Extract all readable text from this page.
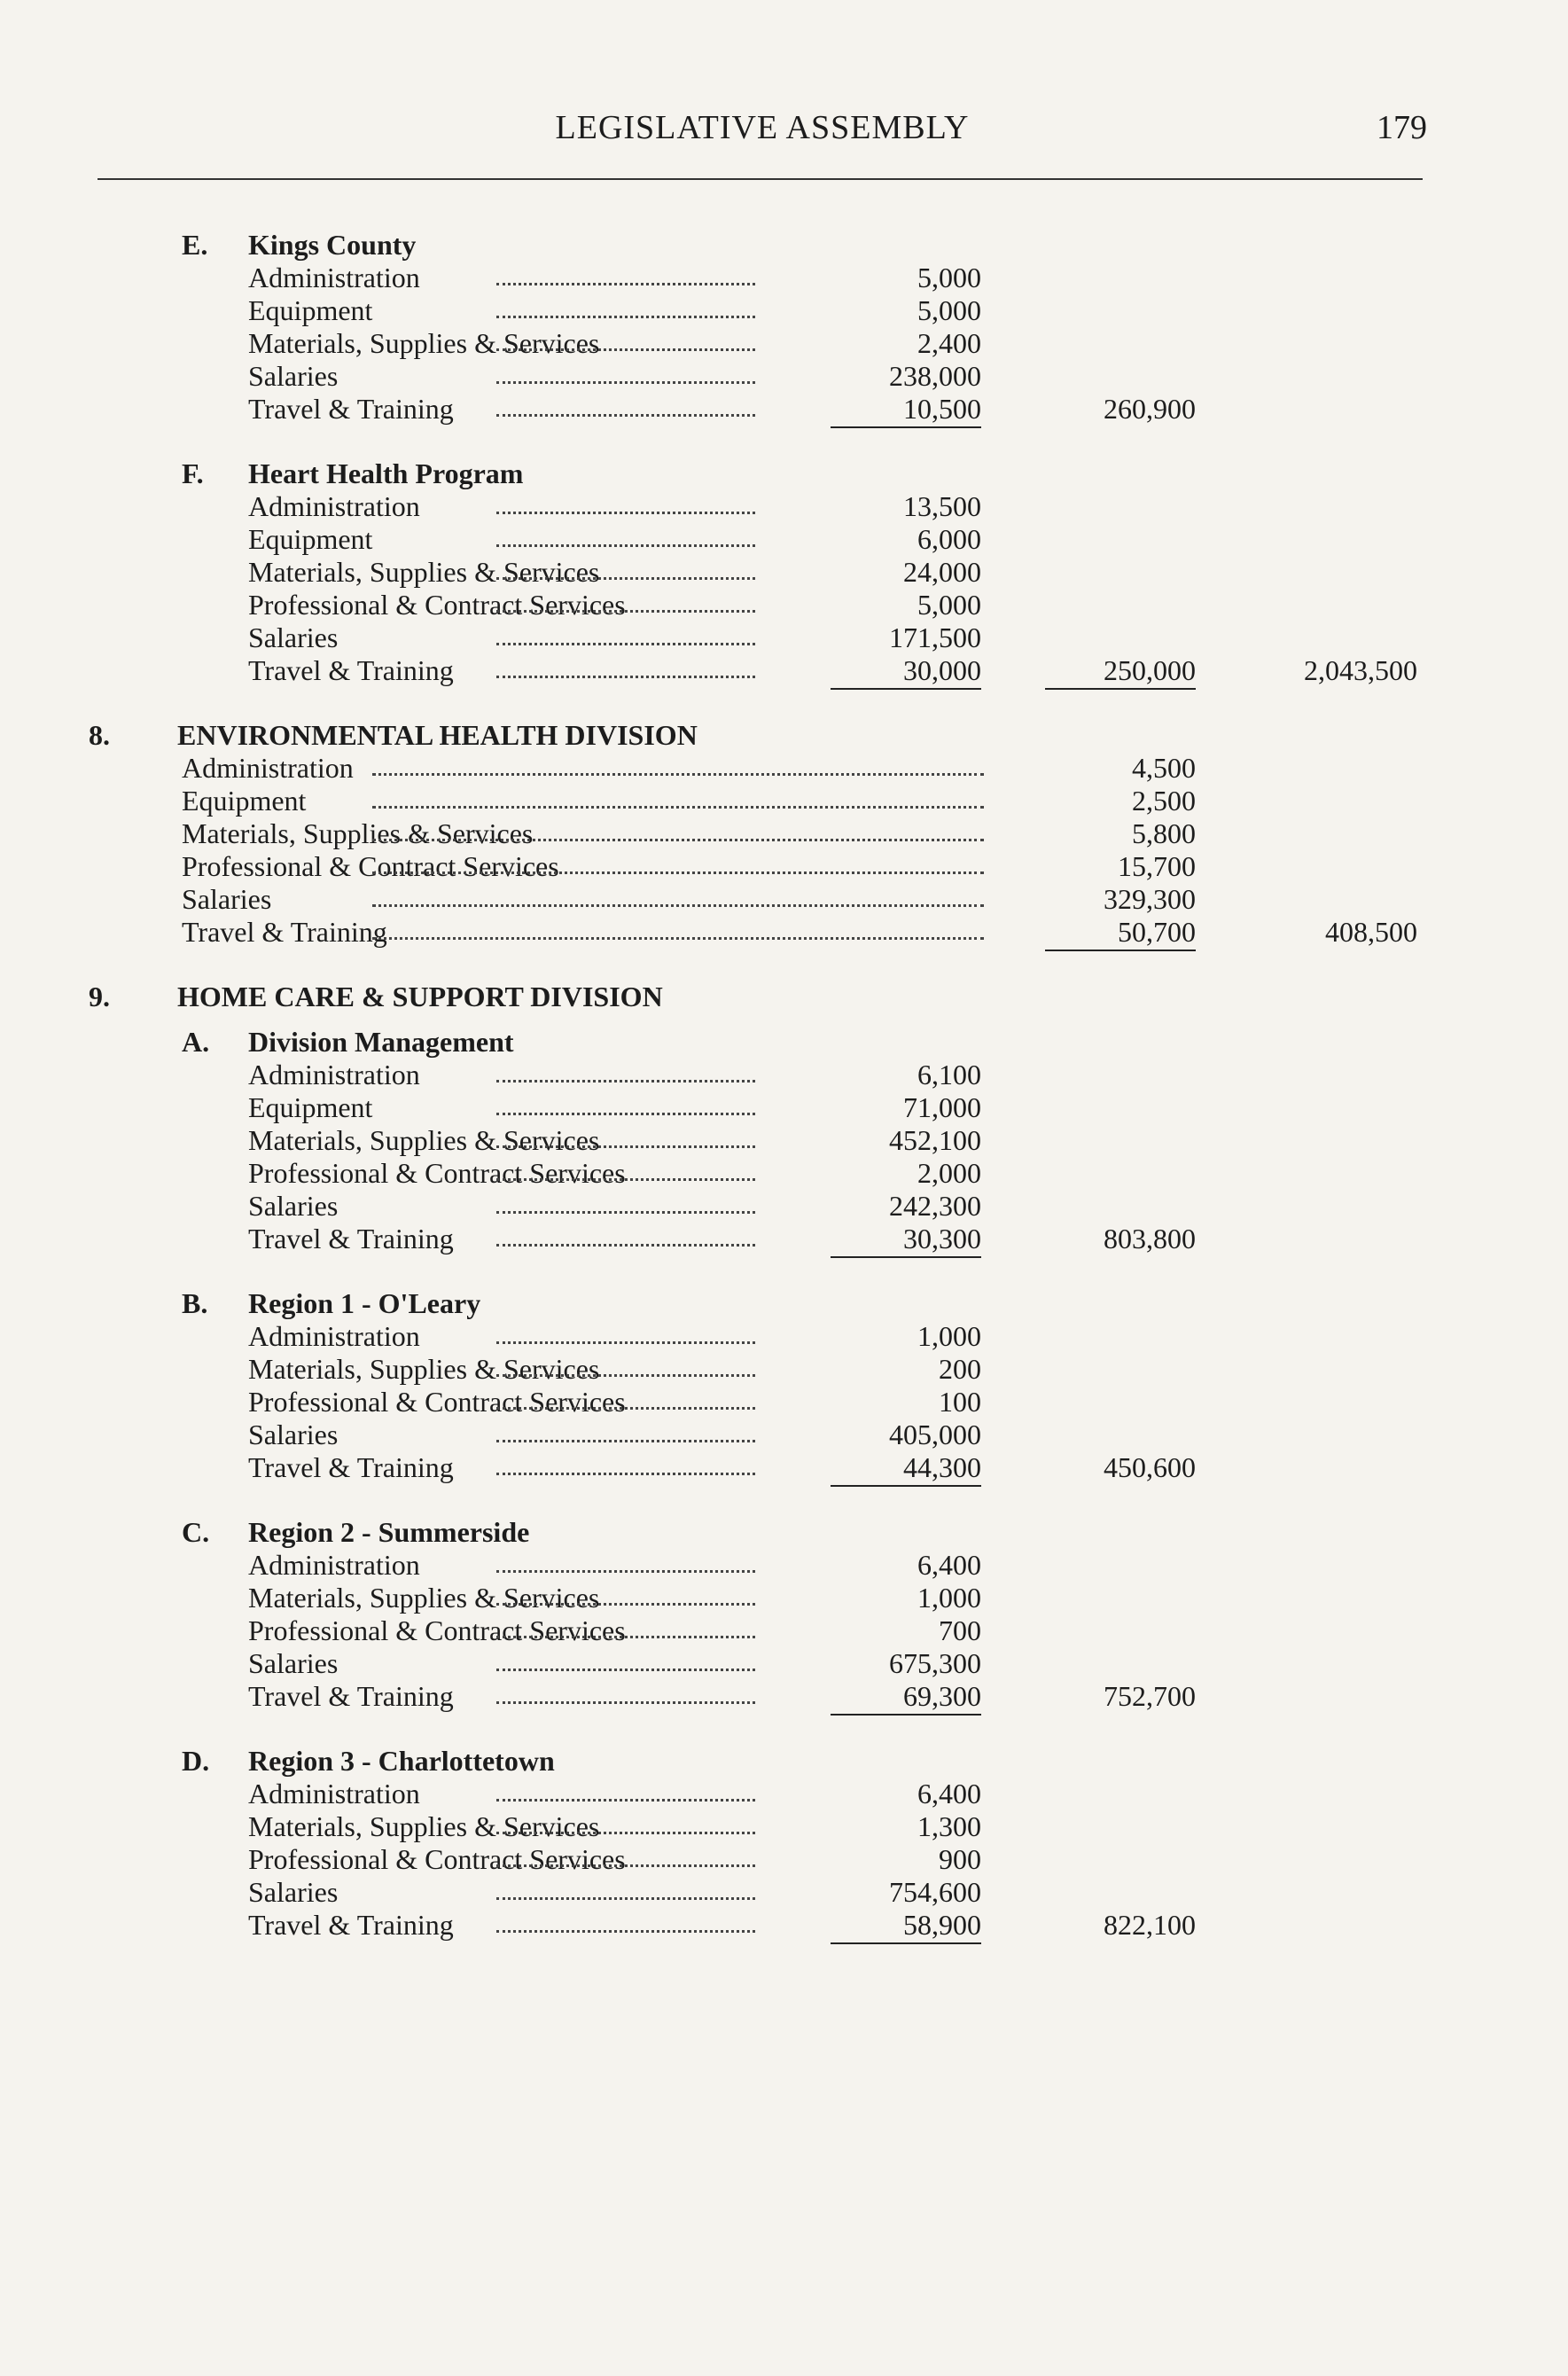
LEGISLATIVE ASSEMBLY	179
E. Kings County
Administration	5,000
Equipment	5,000
Materials, Supplies & Services	2,400
Salaries	238,000
Travel & Training	10,500	260,900
F. Heart Health Program
Administration	13,500
Equipment	6,000
Materials, Supplies & Services	24,000
Professional & Contract Services	5,000
Salaries	171,500
Travel & Training	30,000	250,000	2,043,500
8. ENVIRONMENTAL HEALTH DIVISION
Administration	4,500
Equipment	2,500
Materials, Supplies & Services	5,800
Professional & Contract Services	15,700
Salaries	329,300
Travel & Training	50,700	408,500
9. HOME CARE & SUPPORT DIVISION
A. Division Management
Administration	6,100
Equipment	71,000
Materials, Supplies & Services	452,100
Professional & Contract Services	2,000
Salaries	242,300
Travel & Training	30,300	803,800
B. Region 1 - O'Leary
Administration	1,000
Materials, Supplies & Services	200
Professional & Contract Services	100
Salaries	405,000
Travel & Training	44,300	450,600
C. Region 2 - Summerside
Administration	6,400
Materials, Supplies & Services	1,000
Professional & Contract Services	700
Salaries	675,300
Travel & Training	69,300	752,700
D. Region 3 - Charlottetown
Administration	6,400
Materials, Supplies & Services	1,300
Professional & Contract Services	900
Salaries	754,600
Travel & Training	58,900	822,100
